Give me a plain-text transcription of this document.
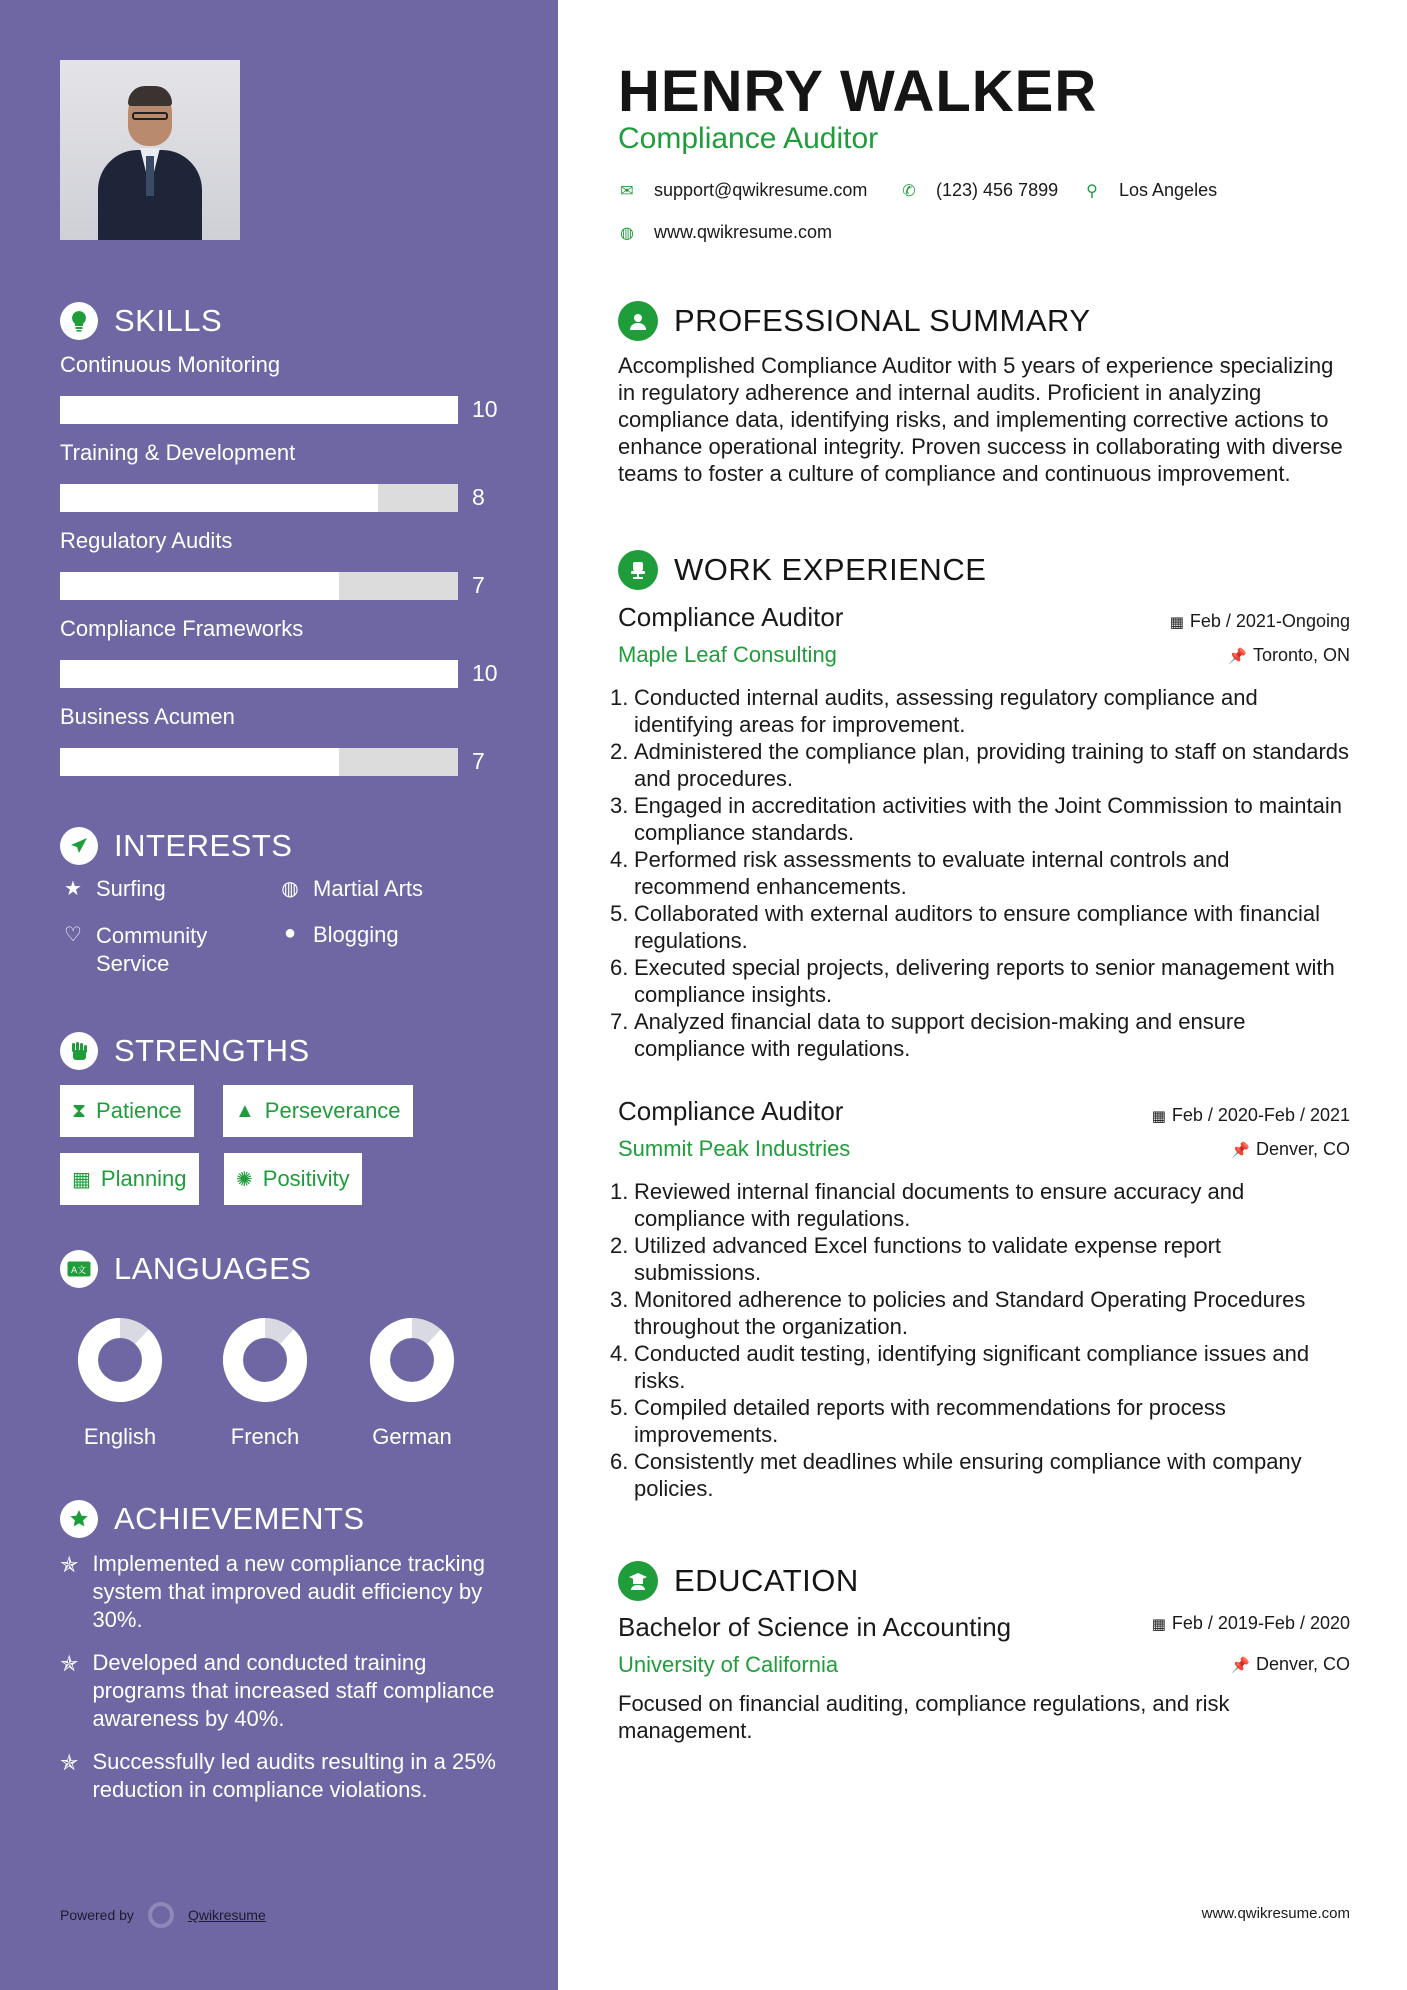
SKILLS
Continuous Monitoring
10
Training & Development
8
Regulatory Audits
7
Compliance Frameworks
10
Business Acumen
7
INTERESTS
★ Surfing	◍ Martial Arts
♡ Community Service
● Blogging
STRENGTHS
⧗ Patience	▲ Perseverance
▦ Planning ✺ Positivity
A文 LANGUAGES
English	French	German
ACHIEVEMENTS
✯ Implemented a new compliance tracking system that improved audit efficiency by 30%.
✯ Developed and conducted training programs that increased staff compliance awareness by 40%.
✯ Successfully led audits resulting in a 25% reduction in compliance violations.
Powered by	Qwikresume
HENRY WALKER
Compliance Auditor
✉ support@qwikresume.com ✆ (123) 456 7899 ⚲ Los Angeles
◍ www.qwikresume.com
PROFESSIONAL SUMMARY
Accomplished Compliance Auditor with 5 years of experience specializing in regulatory adherence and internal audits. Proficient in analyzing compliance data, identifying risks, and implementing corrective actions to enhance operational integrity. Proven success in collaborating with diverse teams to foster a culture of compliance and continuous improvement.
WORK EXPERIENCE
Compliance Auditor	▦ Feb / 2021-Ongoing
Maple Leaf Consulting	📌 Toronto, ON
1. Conducted internal audits, assessing regulatory compliance and identifying areas for improvement.
2. Administered the compliance plan, providing training to staff on standards and procedures.
3. Engaged in accreditation activities with the Joint Commission to maintain compliance standards.
4. Performed risk assessments to evaluate internal controls and recommend enhancements.
5. Collaborated with external auditors to ensure compliance with financial regulations.
6. Executed special projects, delivering reports to senior management with compliance insights.
7. Analyzed financial data to support decision-making and ensure compliance with regulations.
Compliance Auditor	▦ Feb / 2020-Feb / 2021
Summit Peak Industries	📌 Denver, CO
1. Reviewed internal financial documents to ensure accuracy and compliance with regulations.
2. Utilized advanced Excel functions to validate expense report submissions.
3. Monitored adherence to policies and Standard Operating Procedures throughout the organization.
4. Conducted audit testing, identifying significant compliance issues and risks.
5. Compiled detailed reports with recommendations for process improvements.
6. Consistently met deadlines while ensuring compliance with company policies.
EDUCATION
Bachelor of Science in Accounting	▦ Feb / 2019-Feb / 2020
University of California	📌 Denver, CO
Focused on financial auditing, compliance regulations, and risk management.
www.qwikresume.com
